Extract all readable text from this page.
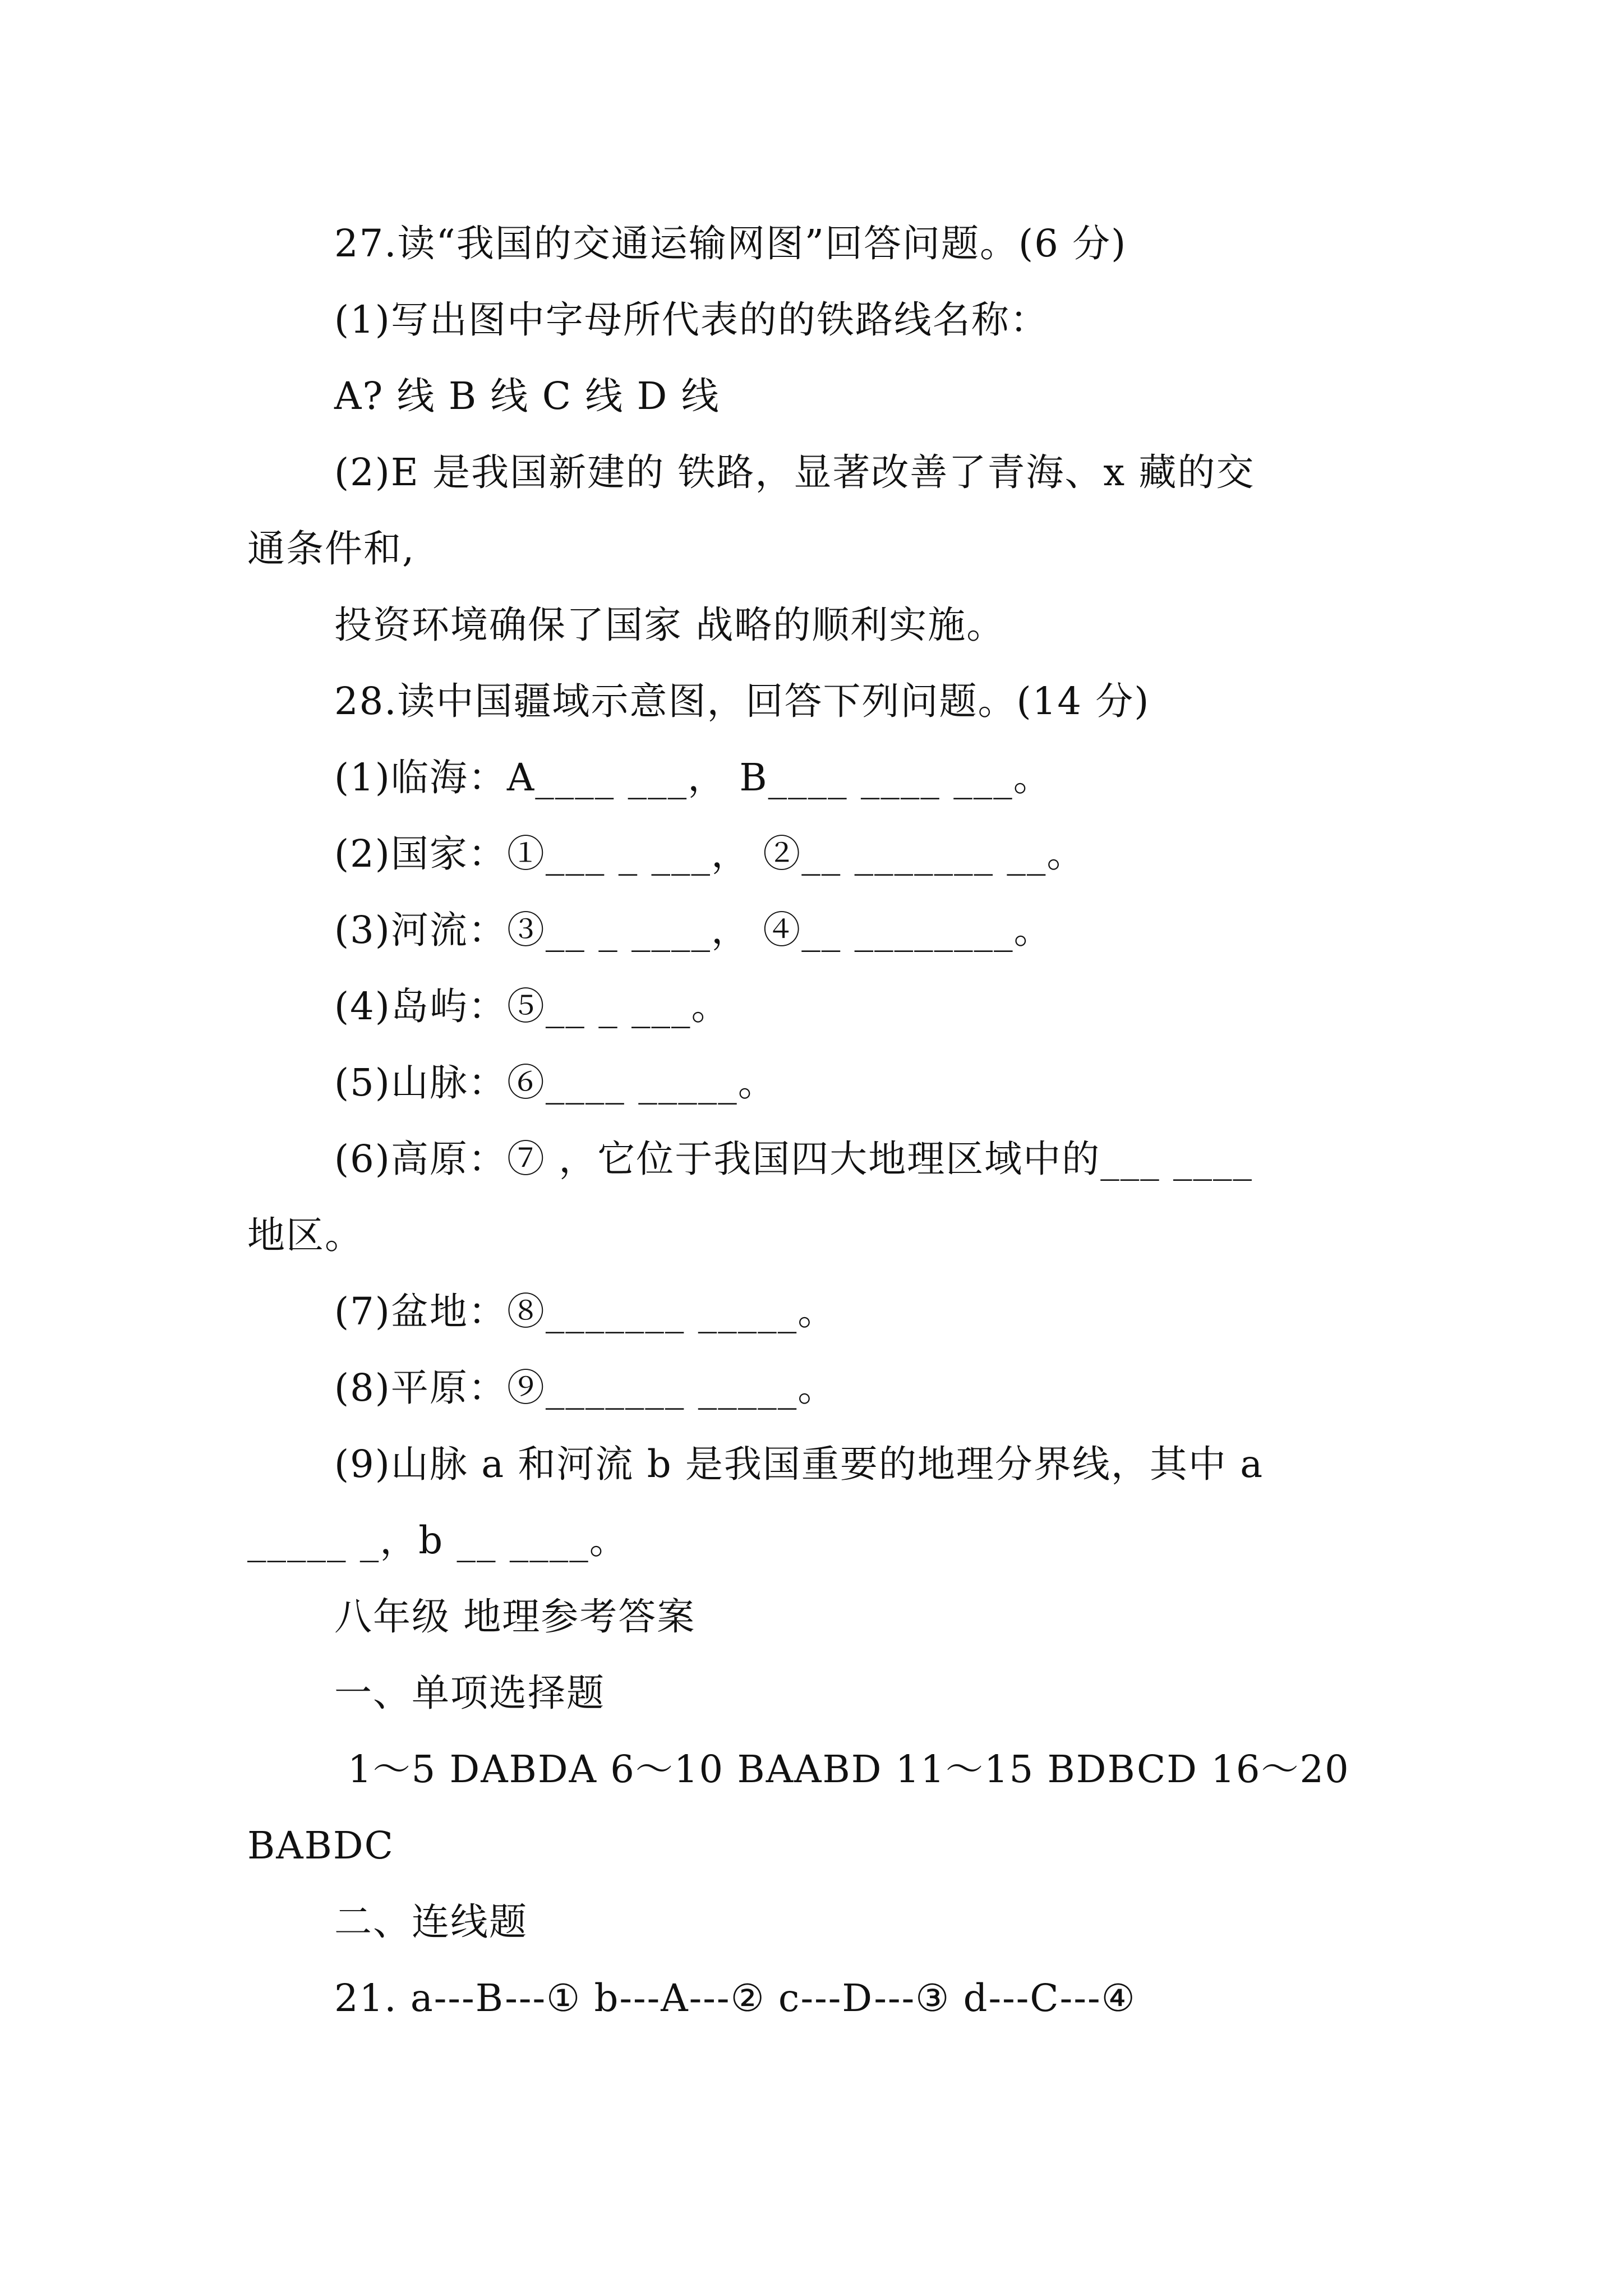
27.读“我国的交通运输网图”回答问题。(6 分)
(1)写出图中字母所代表的的铁路线名称：
A? 线 B 线 C 线 D 线
(2)E 是我国新建的 铁路，显著改善了青海、x 藏的交
通条件和,
投资环境确保了国家 战略的顺利实施。
28.读中国疆域示意图，回答下列问题。(14 分)
(1)临海：A____ ___， B____ ____ ___。
(2)国家：①___ _ ___， ②__ _______ __。
(3)河流：③__ _ ____， ④__ ________。
(4)岛屿：⑤__ _ ___。
(5)山脉：⑥____ _____。
(6)高原：⑦ ，它位于我国四大地理区域中的___ ____
地区。
(7)盆地：⑧_______ _____。
(8)平原：⑨_______ _____。
(9)山脉 a 和河流 b 是我国重要的地理分界线，其中 a
_____ _，b __ ____。
八年级 地理参考答案
一、单项选择题
1～5 DABDA 6～10 BAABD 11～15 BDBCD 16～20
BABDC
二、连线题
21. a---B---① b---A---② c---D---③ d---C---④
